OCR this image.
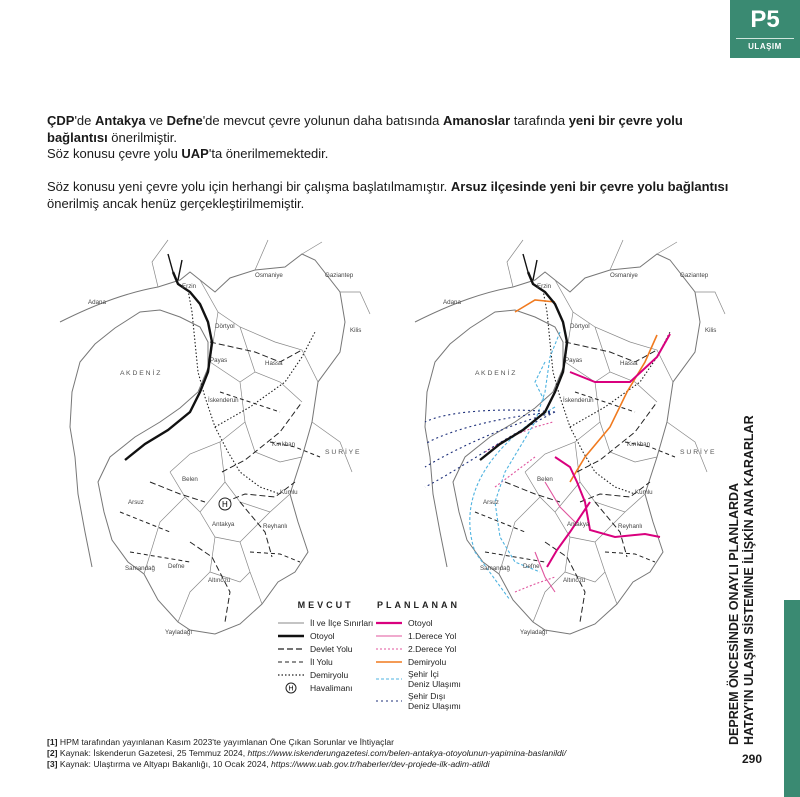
P5
ULAŞIM
ÇDP'de Antakya ve Defne'de mevcut çevre yolunun daha batısında Amanoslar tarafında yeni bir çevre yolu bağlantısı önerilmiştir.
Söz konusu çevre yolu UAP'ta önerilmemektedir.
Söz konusu yeni çevre yolu için herhangi bir çalışma başlatılmamıştır. Arsuz ilçesinde yeni bir çevre yolu bağlantısı önerilmiş ancak henüz gerçekleştirilmemiştir.
H
Erzin
Osmaniye	Gaziantep
Adana
Dörtyol
Kilis
Payas	Hassa
A K D E N İ Z
İskenderun
Kırıkhan
S U R İ Y E
Belen
Kumlu
Arsuz
Antakya	Reyhanlı
Samandağ Defne
Altınözü
Yayladağı
Erzin
Osmaniye	Gaziantep
Adana
Dörtyol
Kilis
Payas	Hassa
A K D E N İ Z
İskenderun
Kırıkhan
S U R İ Y E
Belen
Kumlu
Arsuz
Antakya	Reyhanlı
Samandağ Defne
Altınözü
Yayladağı
MEVCUT
İl ve İlçe Sınırları
Otoyol
Devlet Yolu
İl Yolu
Demiryolu
H Havalimanı
PLANLANAN
Otoyol
1.Derece Yol
2.Derece Yol
Demiryolu
Şehir İçi
Deniz Ulaşımı
Şehir Dışı
Deniz Ulaşımı	DEPREM ÖNCESİNDE ONAYLI PLANLARDA HATAY'IN ULAŞIM SİSTEMİNE İLİŞKİN ANA KARARLAR
290
[1] HPM tarafından yayınlanan Kasım 2023'te yayımlanan Öne Çıkan Sorunlar ve İhtiyaçlar
[2] Kaynak: İskenderun Gazetesi, 25 Temmuz 2024, https://www.iskenderungazetesi.com/belen-antakya-otoyolunun-yapimina-baslanildi/
[3] Kaynak: Ulaştırma ve Altyapı Bakanlığı, 10 Ocak 2024, https://www.uab.gov.tr/haberler/dev-projede-ilk-adim-atildi
